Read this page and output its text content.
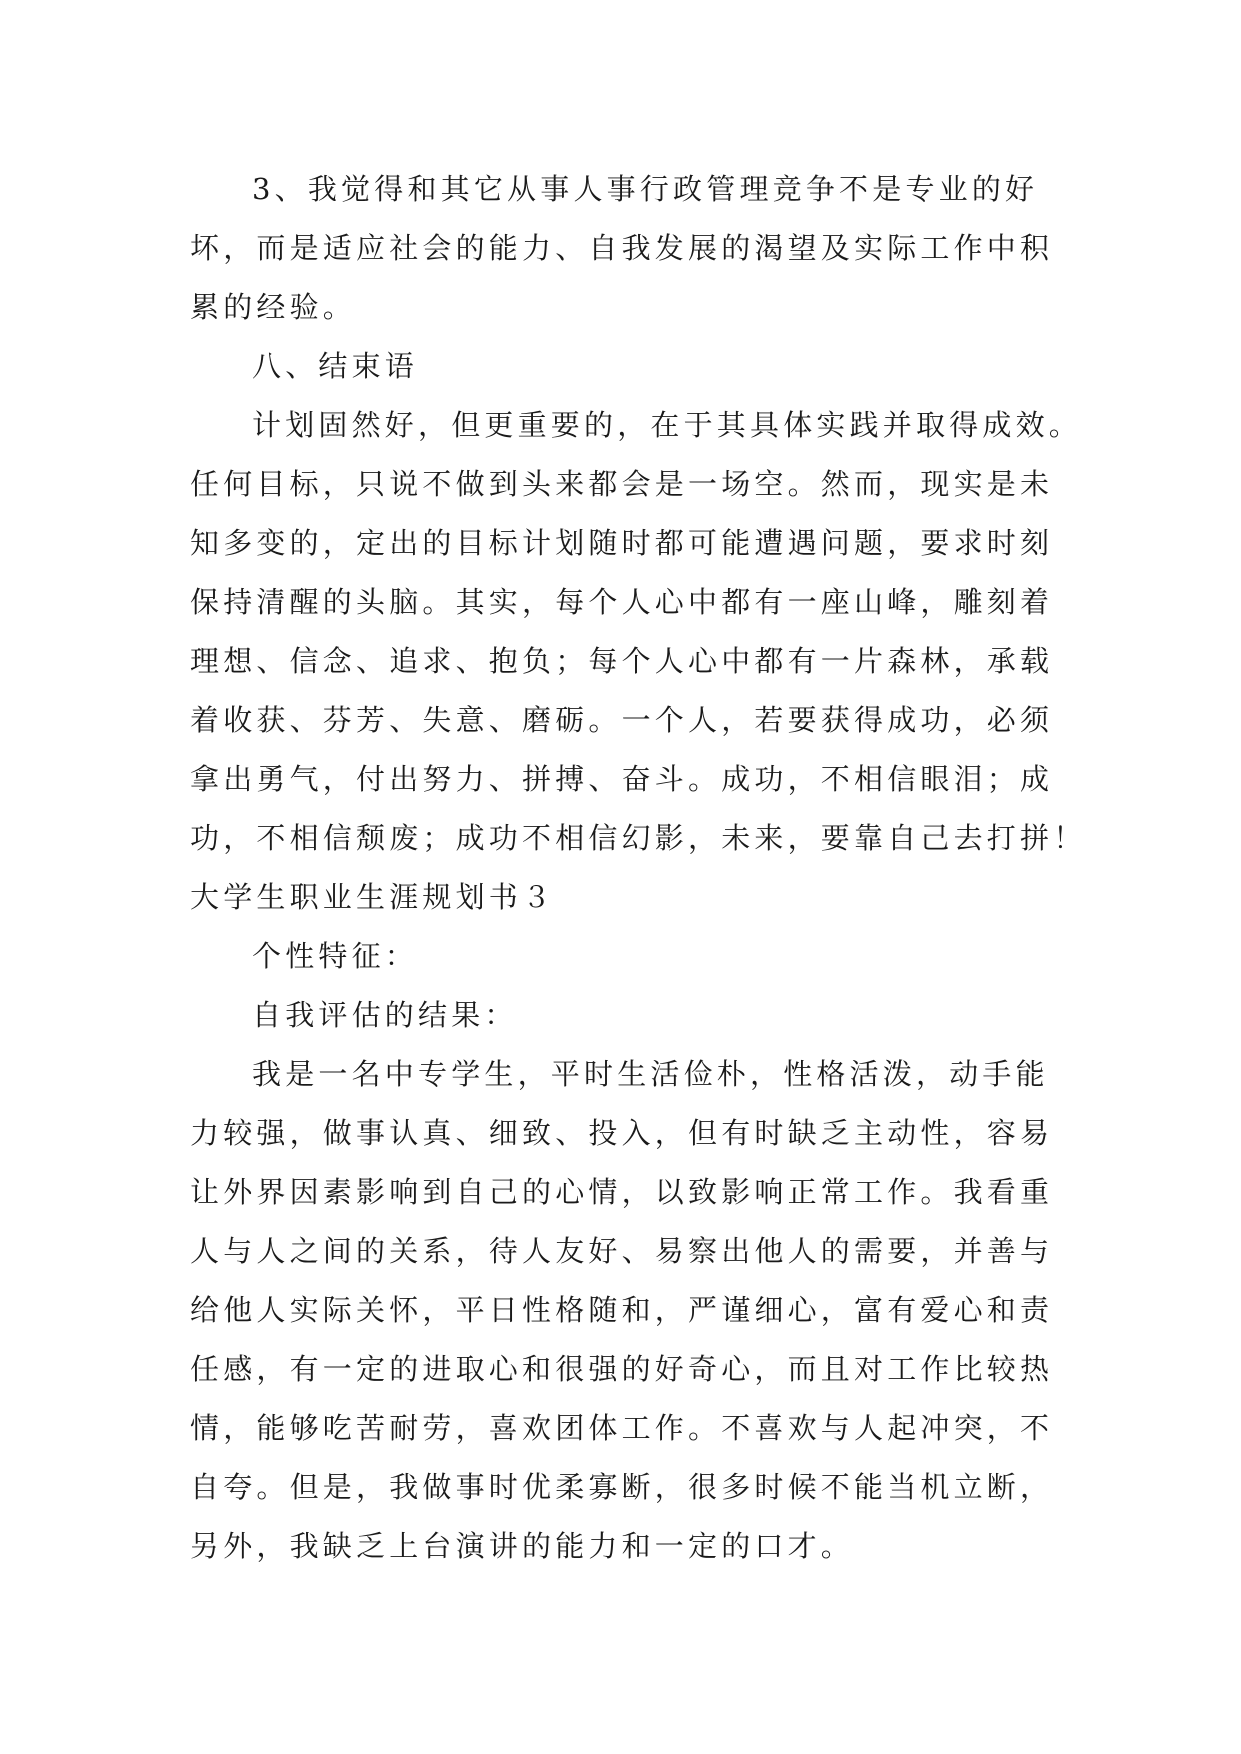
3、我觉得和其它从事人事行政管理竞争不是专业的好
坏，而是适应社会的能力、自我发展的渴望及实际工作中积
累的经验。
八、结束语
计划固然好，但更重要的，在于其具体实践并取得成效。
任何目标，只说不做到头来都会是一场空。然而，现实是未
知多变的，定出的目标计划随时都可能遭遇问题，要求时刻
保持清醒的头脑。其实，每个人心中都有一座山峰，雕刻着
理想、信念、追求、抱负；每个人心中都有一片森林，承载
着收获、芬芳、失意、磨砺。一个人，若要获得成功，必须
拿出勇气，付出努力、拼搏、奋斗。成功，不相信眼泪；成
功，不相信颓废；成功不相信幻影，未来，要靠自己去打拼！
大学生职业生涯规划书３
个性特征：
自我评估的结果：
我是一名中专学生，平时生活俭朴，性格活泼，动手能
力较强，做事认真、细致、投入，但有时缺乏主动性，容易
让外界因素影响到自己的心情，以致影响正常工作。我看重
人与人之间的关系，待人友好、易察出他人的需要，并善与
给他人实际关怀，平日性格随和，严谨细心，富有爱心和责
任感，有一定的进取心和很强的好奇心，而且对工作比较热
情，能够吃苦耐劳，喜欢团体工作。不喜欢与人起冲突，不
自夸。但是，我做事时优柔寡断，很多时候不能当机立断，
另外，我缺乏上台演讲的能力和一定的口才。
